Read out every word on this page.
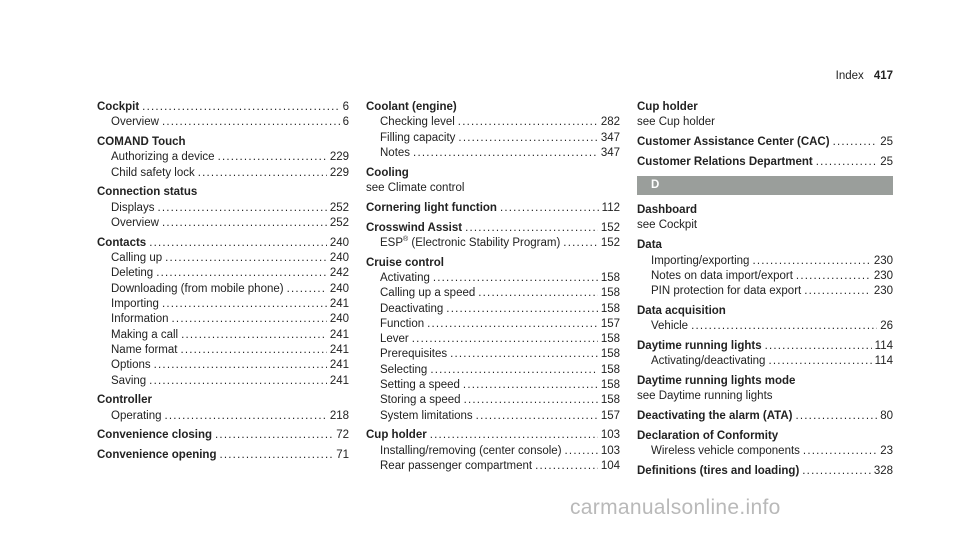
Index 417
Cockpit .....	6
Overview .....	6
COMAND Touch
Authorizing a device .....	229
Child safety lock .....	229
Connection status
Displays .....	252
Overview .....	252
Contacts .....	240
Calling up .....	240
Deleting .....	242
Downloading (from mobile phone) .....	240
Importing .....	241
Information .....	240
Making a call .....	241
Name format .....	241
Options .....	241
Saving .....	241
Controller
Operating .....	218
Convenience closing .....	72
Convenience opening .....	71
Coolant (engine)
Checking level .....	282
Filling capacity .....	347
Notes .....	347
Cooling
see Climate control
Cornering light function .....	112
Crosswind Assist .....	152
ESP® (Electronic Stability Program) .....	152
Cruise control
Activating .....	158
Calling up a speed .....	158
Deactivating .....	158
Function .....	157
Lever .....	158
Prerequisites .....	158
Selecting .....	158
Setting a speed .....	158
Storing a speed .....	158
System limitations .....	157
Cup holder .....	103
Installing/removing (center console) .....	103
Rear passenger compartment .....	104
Cup holder
see Cup holder
Customer Assistance Center (CAC) .....	25
Customer Relations Department .....	25
D
Dashboard
see Cockpit
Data
Importing/exporting .....	230
Notes on data import/export .....	230
PIN protection for data export .....	230
Data acquisition
Vehicle .....	26
Daytime running lights .....	114
Activating/deactivating .....	114
Daytime running lights mode
see Daytime running lights
Deactivating the alarm (ATA) .....	80
Declaration of Conformity
Wireless vehicle components .....	23
Definitions (tires and loading) .....	328
carmanualsonline.info
